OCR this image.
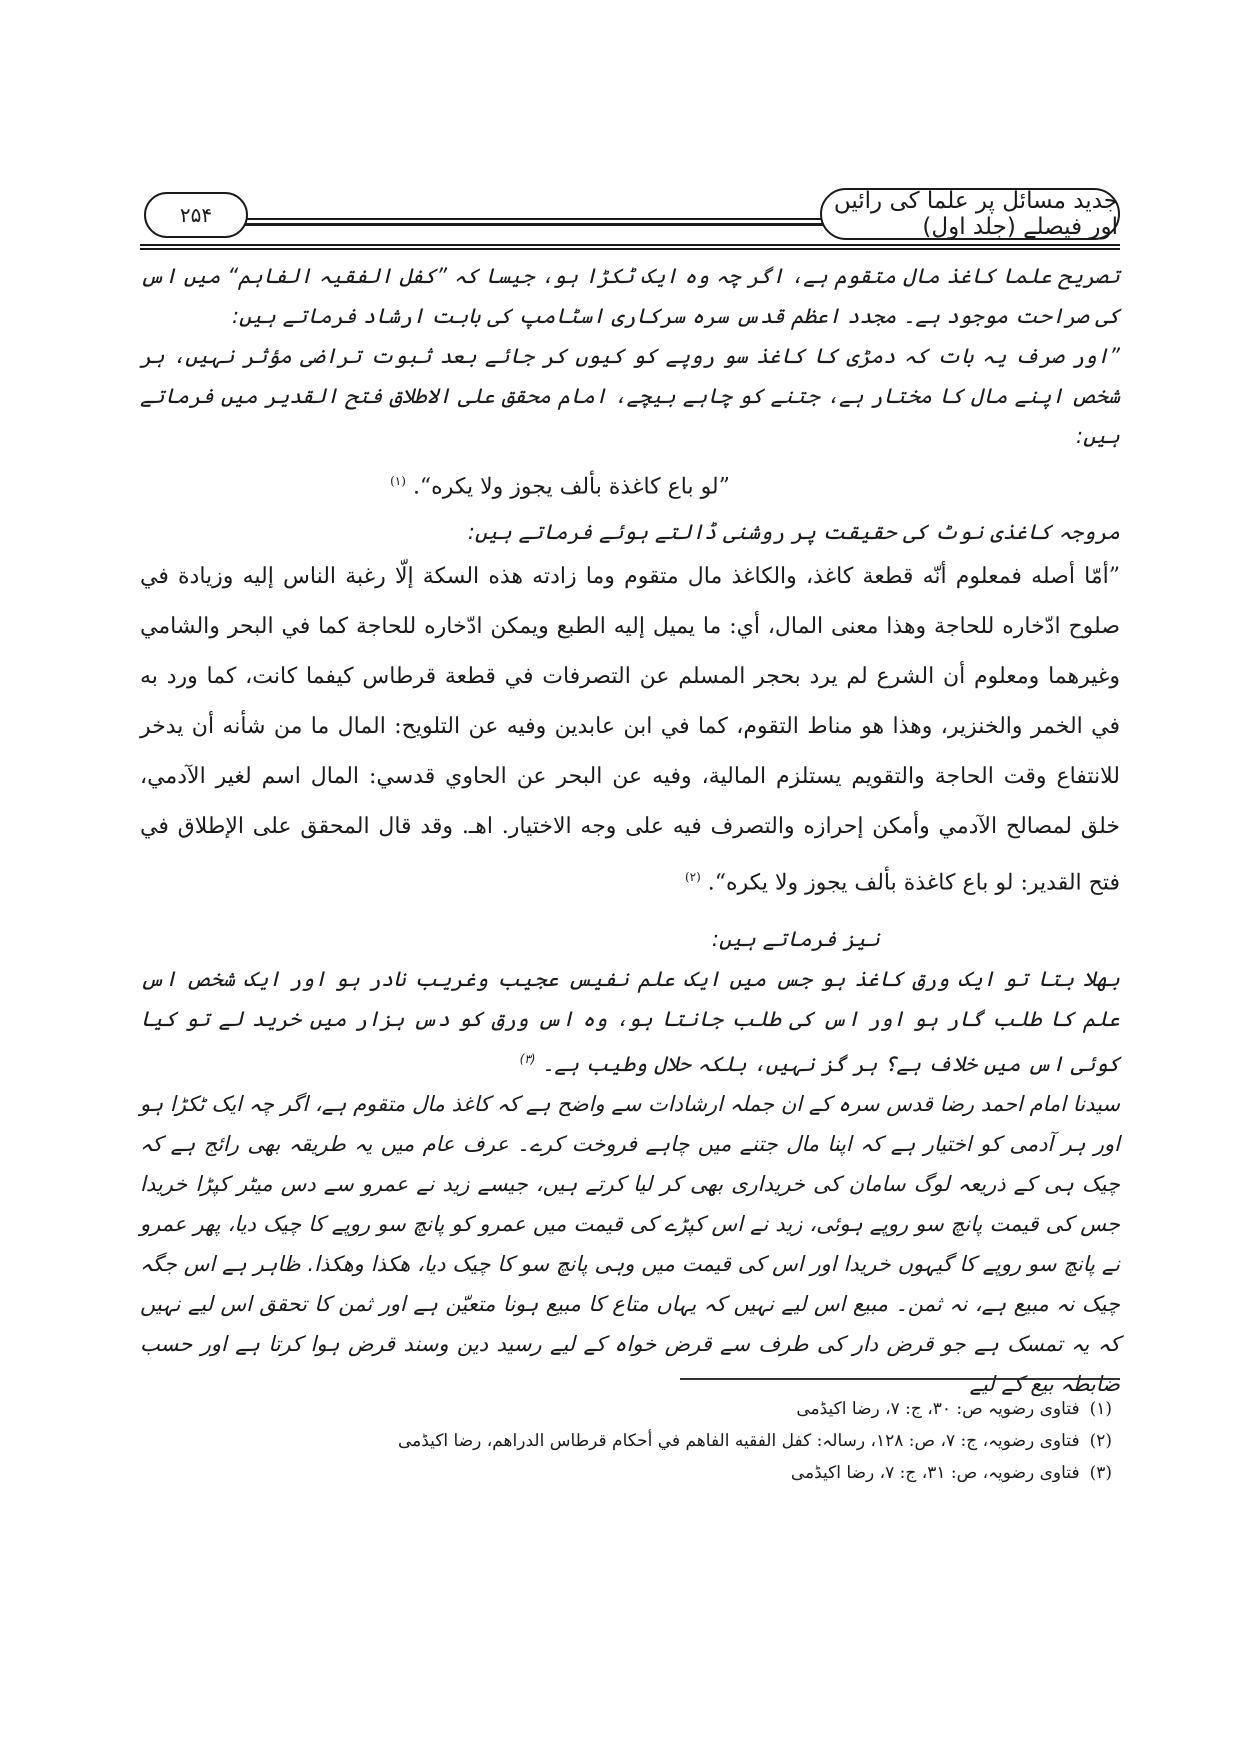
۲۵۴
جدید مسائل پر علما کی رائیں اور فیصلے (جلد اول)

تصریح علما کاغذ مال متقوم ہے، اگر چہ وہ ایک ٹکڑا ہو، جیسا کہ ”کفل الفقیہ الفاہم“ میں اس کی صراحت موجود ہے۔ مجدد اعظم قدس سرہ سرکاری اسٹامپ کی بابت ارشاد فرماتے ہیں:

”اور صرف یہ بات کہ دمڑی کا کاغذ سو روپے کو کیوں کر جائے بعد ثبوت تراضی مؤثر نہیں، ہر شخص اپنے مال کا مختار ہے، جتنے کو چاہے بیچے، امام محقق علی الاطلاق فتح القدیر میں فرماتے ہیں:

”لو باع كاغذة بألف يجوز ولا يكره“. $^{(١)}$

مروجہ کاغذی نوٹ کی حقیقت پر روشنی ڈالتے ہوئے فرماتے ہیں:

”أمّا أصله فمعلوم أنّه قطعة كاغذ، والكاغذ مال متقوم وما زادته هذه السكة إلّا رغبة الناس إليه وزيادة في صلوح ادّخاره للحاجة وهذا معنى المال، أي: ما يميل إليه الطبع ويمكن ادّخاره للحاجة كما في البحر والشامي وغيرهما ومعلوم أن الشرع لم يرد بحجر المسلم عن التصرفات في قطعة قرطاس كيفما كانت، كما ورد به في الخمر والخنزير، وهذا هو مناط التقوم، كما في ابن عابدين وفيه عن التلويح: المال ما من شأنه أن يدخر للانتفاع وقت الحاجة والتقويم يستلزم المالية، وفيه عن البحر عن الحاوي قدسي: المال اسم لغير الآدمي، خلق لمصالح الآدمي وأمكن إحرازه والتصرف فيه على وجه الاختيار. اهـ. وقد قال المحقق على الإطلاق في فتح القدير: لو باع كاغذة بألف يجوز ولا يكره“. $^{(٢)}$

نیز فرماتے ہیں:

بھلا بتا تو ایک ورق کاغذ ہو جس میں ایک علم نفیس عجیب وغریب نادر ہو اور ایک شخص اس علم کا طلب گار ہو اور اس کی طلب جانتا ہو، وہ اس ورق کو دس ہزار میں خرید لے تو کیا کوئی اس میں خلاف ہے؟ ہر گز نہیں، بلکہ حلال وطیب ہے۔ $^{(٣)}$

سیدنا امام احمد رضا قدس سرہ کے ان جملہ ارشادات سے واضح ہے کہ کاغذ مال متقوم ہے، اگر چہ ایک ٹکڑا ہو اور ہر آدمی کو اختیار ہے کہ اپنا مال جتنے میں چاہے فروخت کرے۔ عرف عام میں یہ طریقہ بھی رائج ہے کہ چیک ہی کے ذریعہ لوگ سامان کی خریداری بھی کر لیا کرتے ہیں، جیسے زید نے عمرو سے دس میٹر کپڑا خریدا جس کی قیمت پانچ سو روپے ہوئی، زید نے اس کپڑے کی قیمت میں عمرو کو پانچ سو روپے کا چیک دیا، پھر عمرو نے پانچ سو روپے کا گیہوں خریدا اور اس کی قیمت میں وہی پانچ سو کا چیک دیا، ھکذا وھکذا. ظاہر ہے اس جگہ چیک نہ مبیع ہے، نہ ثمن۔ مبیع اس لیے نہیں کہ یہاں متاع کا مبیع ہونا متعیّن ہے اور ثمن کا تحقق اس لیے نہیں کہ یہ تمسک ہے جو قرض دار کی طرف سے قرض خواہ کے لیے رسید دین وسند قرض ہوا کرتا ہے اور حسب ضابطہ بیع کے لیے

(١)فتاوی رضویہ ص: ٣٠، ج: ٧، رضا اکیڈمی

(٢)فتاوی رضویہ، ج: ٧، ص: ١٢٨، رسالہ: كفل الفقيه الفاهم في أحكام قرطاس الدراهم، رضا اکیڈمی

(٣)فتاوی رضویہ، ص: ٣١، ج: ٧، رضا اکیڈمی
